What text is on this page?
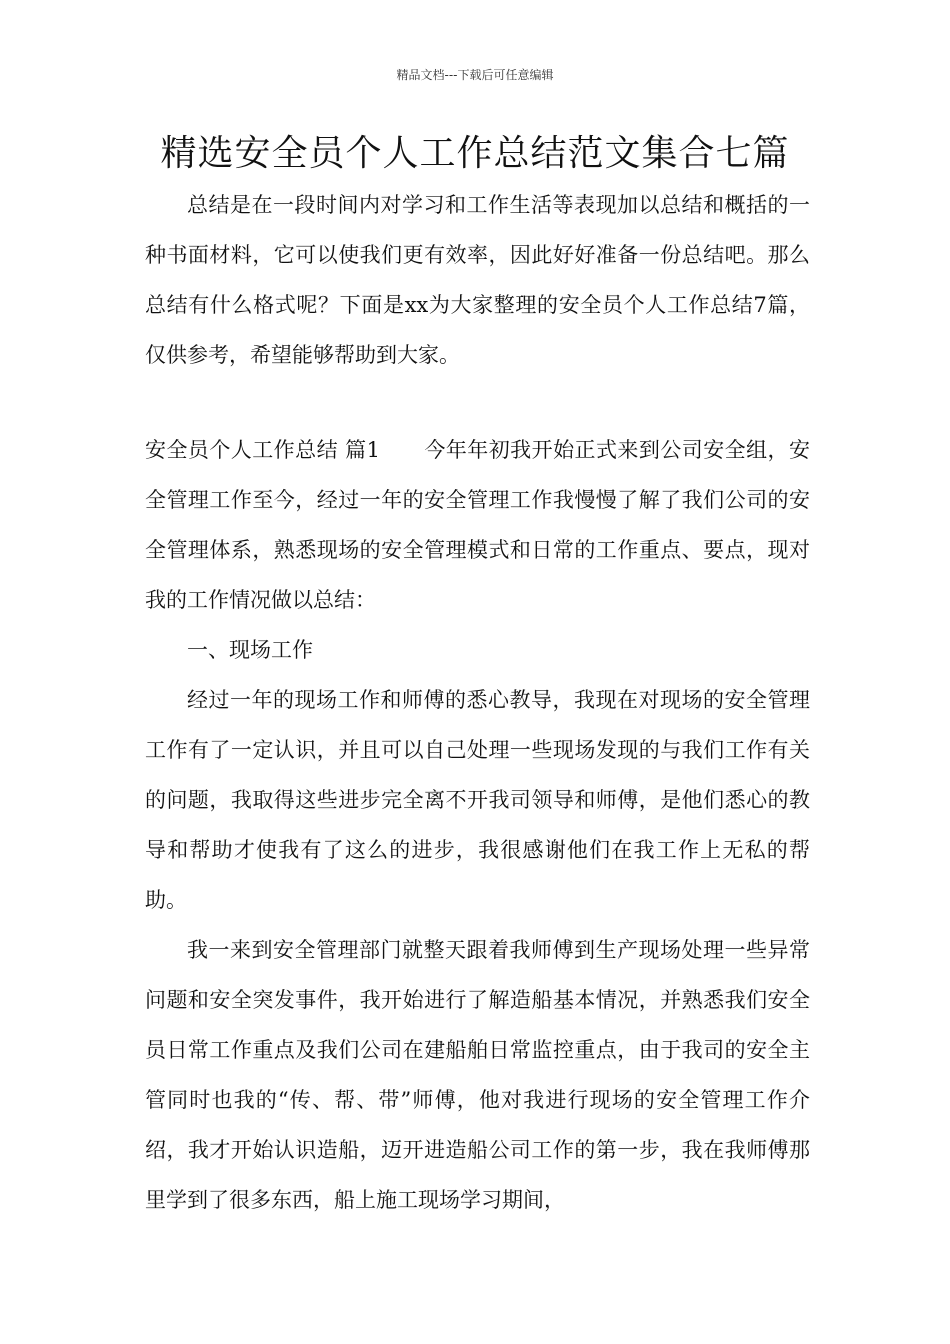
精品文档---下载后可任意编辑
精选安全员个人工作总结范文集合七篇

总结是在一段时间内对学习和工作生活等表现加以总结和概括的一种书面材料，它可以使我们更有效率，因此好好准备一份总结吧。那么总结有什么格式呢？下面是xx为大家整理的安全员个人工作总结7篇，仅供参考，希望能够帮助到大家。

安全员个人工作总结 篇1 今年年初我开始正式来到公司安全组，安全管理工作至今，经过一年的安全管理工作我慢慢了解了我们公司的安全管理体系，熟悉现场的安全管理模式和日常的工作重点、要点，现对我的工作情况做以总结：

一、现场工作

经过一年的现场工作和师傅的悉心教导，我现在对现场的安全管理工作有了一定认识，并且可以自己处理一些现场发现的与我们工作有关的问题，我取得这些进步完全离不开我司领导和师傅，是他们悉心的教导和帮助才使我有了这么的进步，我很感谢他们在我工作上无私的帮助。

我一来到安全管理部门就整天跟着我师傅到生产现场处理一些异常问题和安全突发事件，我开始进行了解造船基本情况，并熟悉我们安全员日常工作重点及我们公司在建船舶日常监控重点，由于我司的安全主管同时也我的“传、帮、带”师傅，他对我进行现场的安全管理工作介绍，我才开始认识造船，迈开进造船公司工作的第一步，我在我师傅那里学到了很多东西，船上施工现场学习期间，
